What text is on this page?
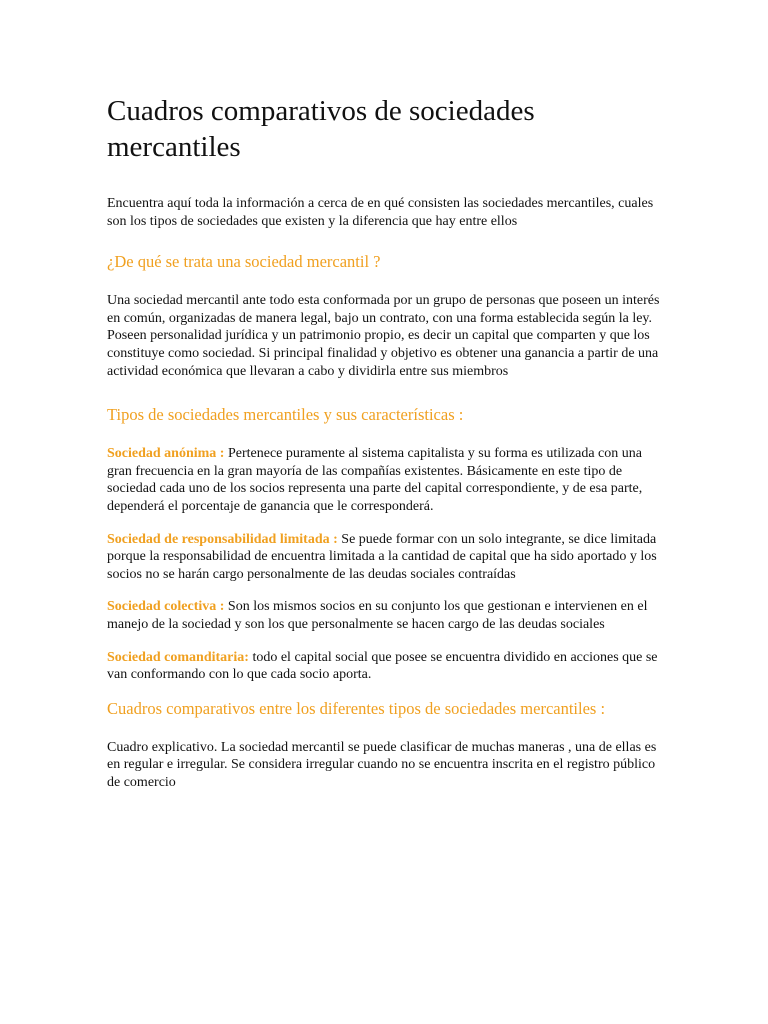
Cuadros comparativos de sociedades mercantiles

Encuentra aquí toda la información a cerca de en qué consisten las sociedades mercantiles, cuales son los tipos de sociedades que existen y la diferencia que hay entre ellos

¿De qué se trata una sociedad mercantil ?

Una sociedad mercantil ante todo esta conformada por un grupo de personas que poseen un interés en común, organizadas de manera legal, bajo un contrato, con una forma establecida según la ley. Poseen personalidad jurídica y un patrimonio propio, es decir un capital que comparten y que los constituye como sociedad. Si principal finalidad y objetivo es obtener una ganancia a partir de una actividad económica que llevaran a cabo y dividirla entre sus miembros

Tipos de sociedades mercantiles y sus características :

Sociedad anónima : Pertenece puramente al sistema capitalista y su forma es utilizada con una gran frecuencia en la gran mayoría de las compañías existentes. Básicamente en este tipo de sociedad cada uno de los socios representa una parte del capital correspondiente, y de esa parte, dependerá el porcentaje de ganancia que le corresponderá.

Sociedad de responsabilidad limitada : Se puede formar con un solo integrante, se dice limitada porque la responsabilidad de encuentra limitada a la cantidad de capital que ha sido aportado y los socios no se harán cargo personalmente de las deudas sociales contraídas

Sociedad colectiva : Son los mismos socios en su conjunto los que gestionan e intervienen en el manejo de la sociedad y son los que personalmente se hacen cargo de las deudas sociales

Sociedad comanditaria: todo el capital social que posee se encuentra dividido en acciones que se van conformando con lo que cada socio aporta.

Cuadros comparativos entre los diferentes tipos de sociedades mercantiles :

Cuadro explicativo. La sociedad mercantil se puede clasificar de muchas maneras , una de ellas es en regular e irregular. Se considera irregular cuando no se encuentra inscrita en el registro público de comercio
